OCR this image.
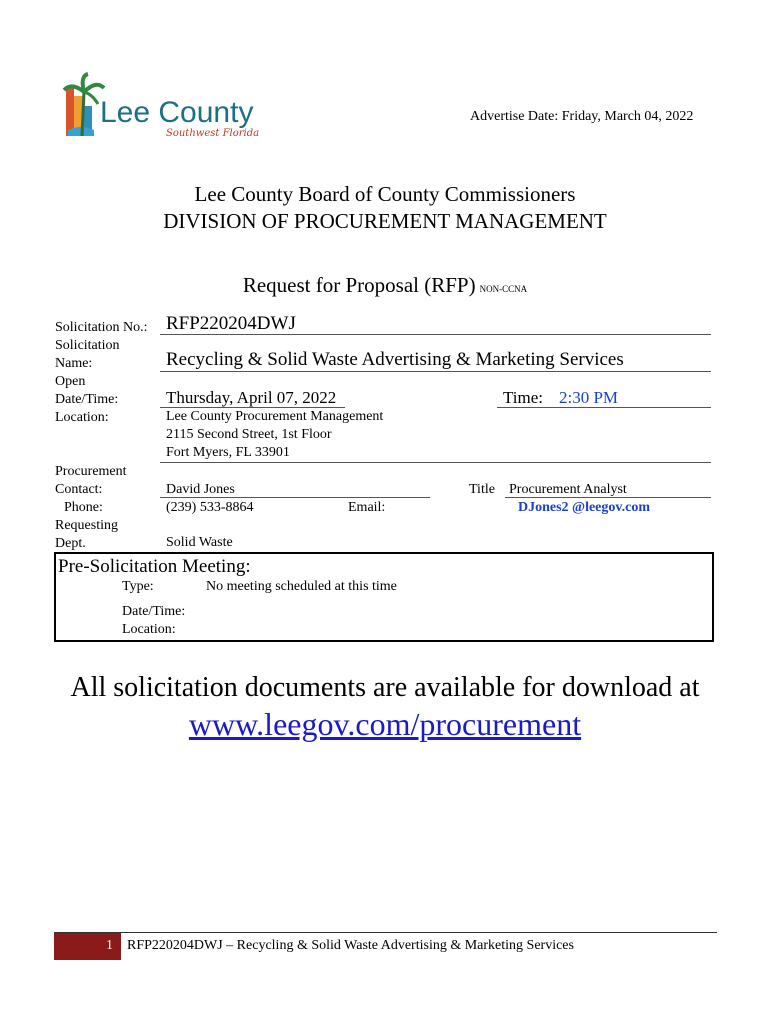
Lee County
Southwest Florida
Advertise Date: Friday, March 04, 2022
Lee County Board of County Commissioners
DIVISION OF PROCUREMENT MANAGEMENT
Request for Proposal (RFP) NON-CCNA
Solicitation No.: RFP220204DWJ
Solicitation
Name:	Recycling & Solid Waste Advertising & Marketing Services
Open
Date/Time:	Thursday, April 07, 2022	Time: 2:30 PM
Location:	Lee County Procurement Management
2115 Second Street, 1st Floor
Fort Myers, FL 33901
Procurement
Contact:	David Jones	Title Procurement Analyst
Phone:	(239) 533-8864	Email:	DJones2 @leegov.com
Requesting
Dept.	Solid Waste
Pre-Solicitation Meeting:
Type:	No meeting scheduled at this time
Date/Time:
Location:
All solicitation documents are available for download at
www.leegov.com/procurement
1 RFP220204DWJ – Recycling & Solid Waste Advertising & Marketing Services
